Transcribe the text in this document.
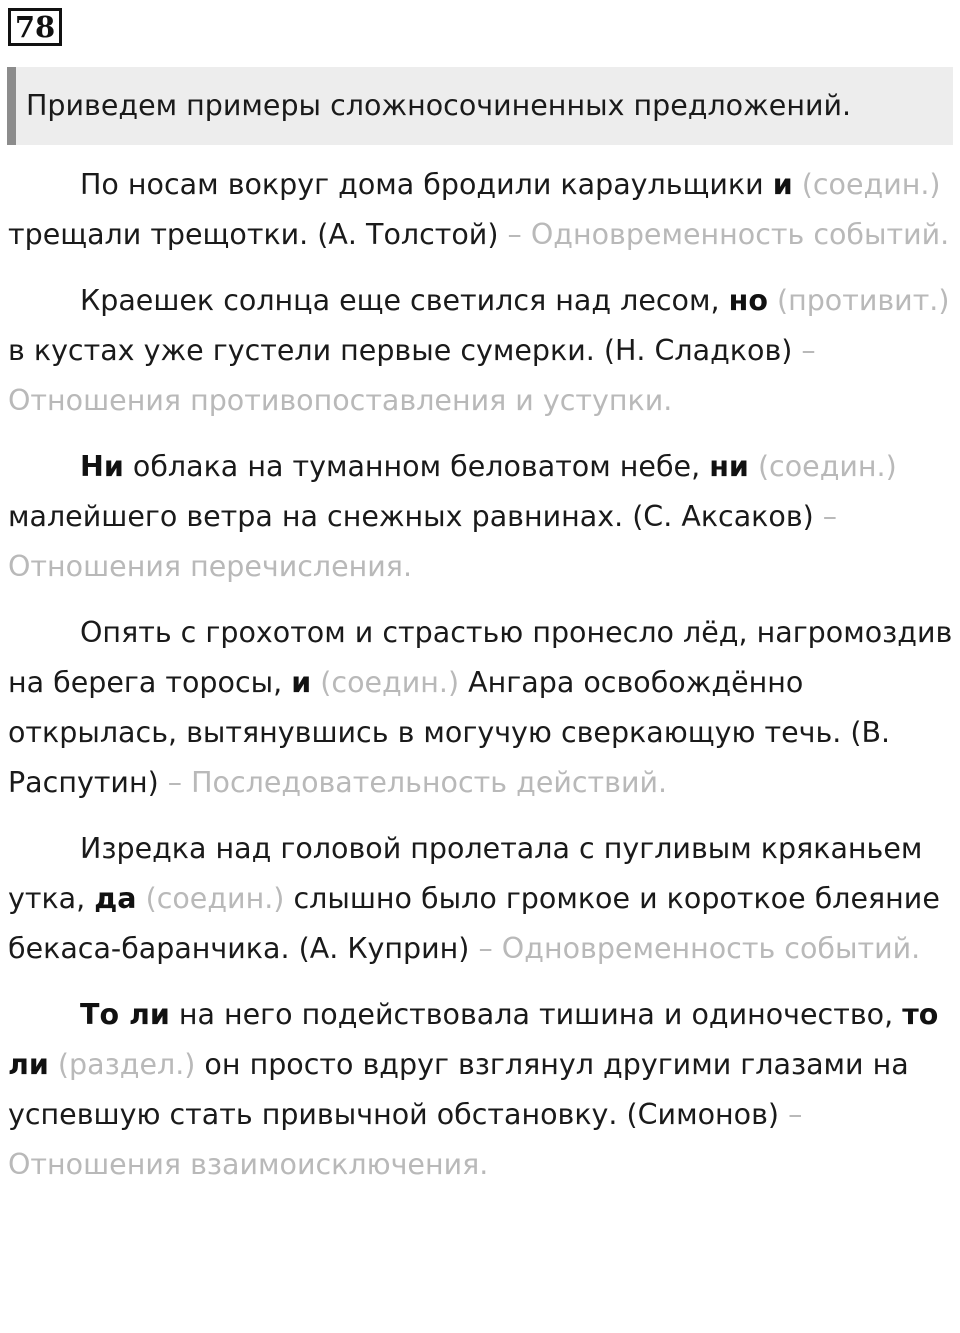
78
Приведем примеры сложносочиненных предложений.

По носам вокруг дома бродили караульщики и (соедин.) трещали трещотки. (А. Толстой) – Одновременность событий.

Краешек солнца еще светился над лесом, но (противит.) в кустах уже густели первые сумерки. (Н. Сладков) – Отношения противопоставления и уступки.

Ни облака на туманном беловатом небе, ни (соедин.) малейшего ветра на снежных равнинах. (С. Аксаков) – Отношения перечисления.

Опять с грохотом и страстью пронесло лёд, нагромоздив на берега торосы, и (соедин.) Ангара освобождённо открылась, вытянувшись в могучую сверкающую течь. (В. Распутин) – Последовательность действий.

Изредка над головой пролетала с пугливым кряканьем утка, да (соедин.) слышно было громкое и короткое блеяние бекаса-баранчика. (А. Куприн) – Одновременность событий.

То ли на него подействовала тишина и одиночество, то ли (раздел.) он просто вдруг взглянул другими глазами на успевшую стать привычной обстановку. (Симонов) – Отношения взаимоисключения.
